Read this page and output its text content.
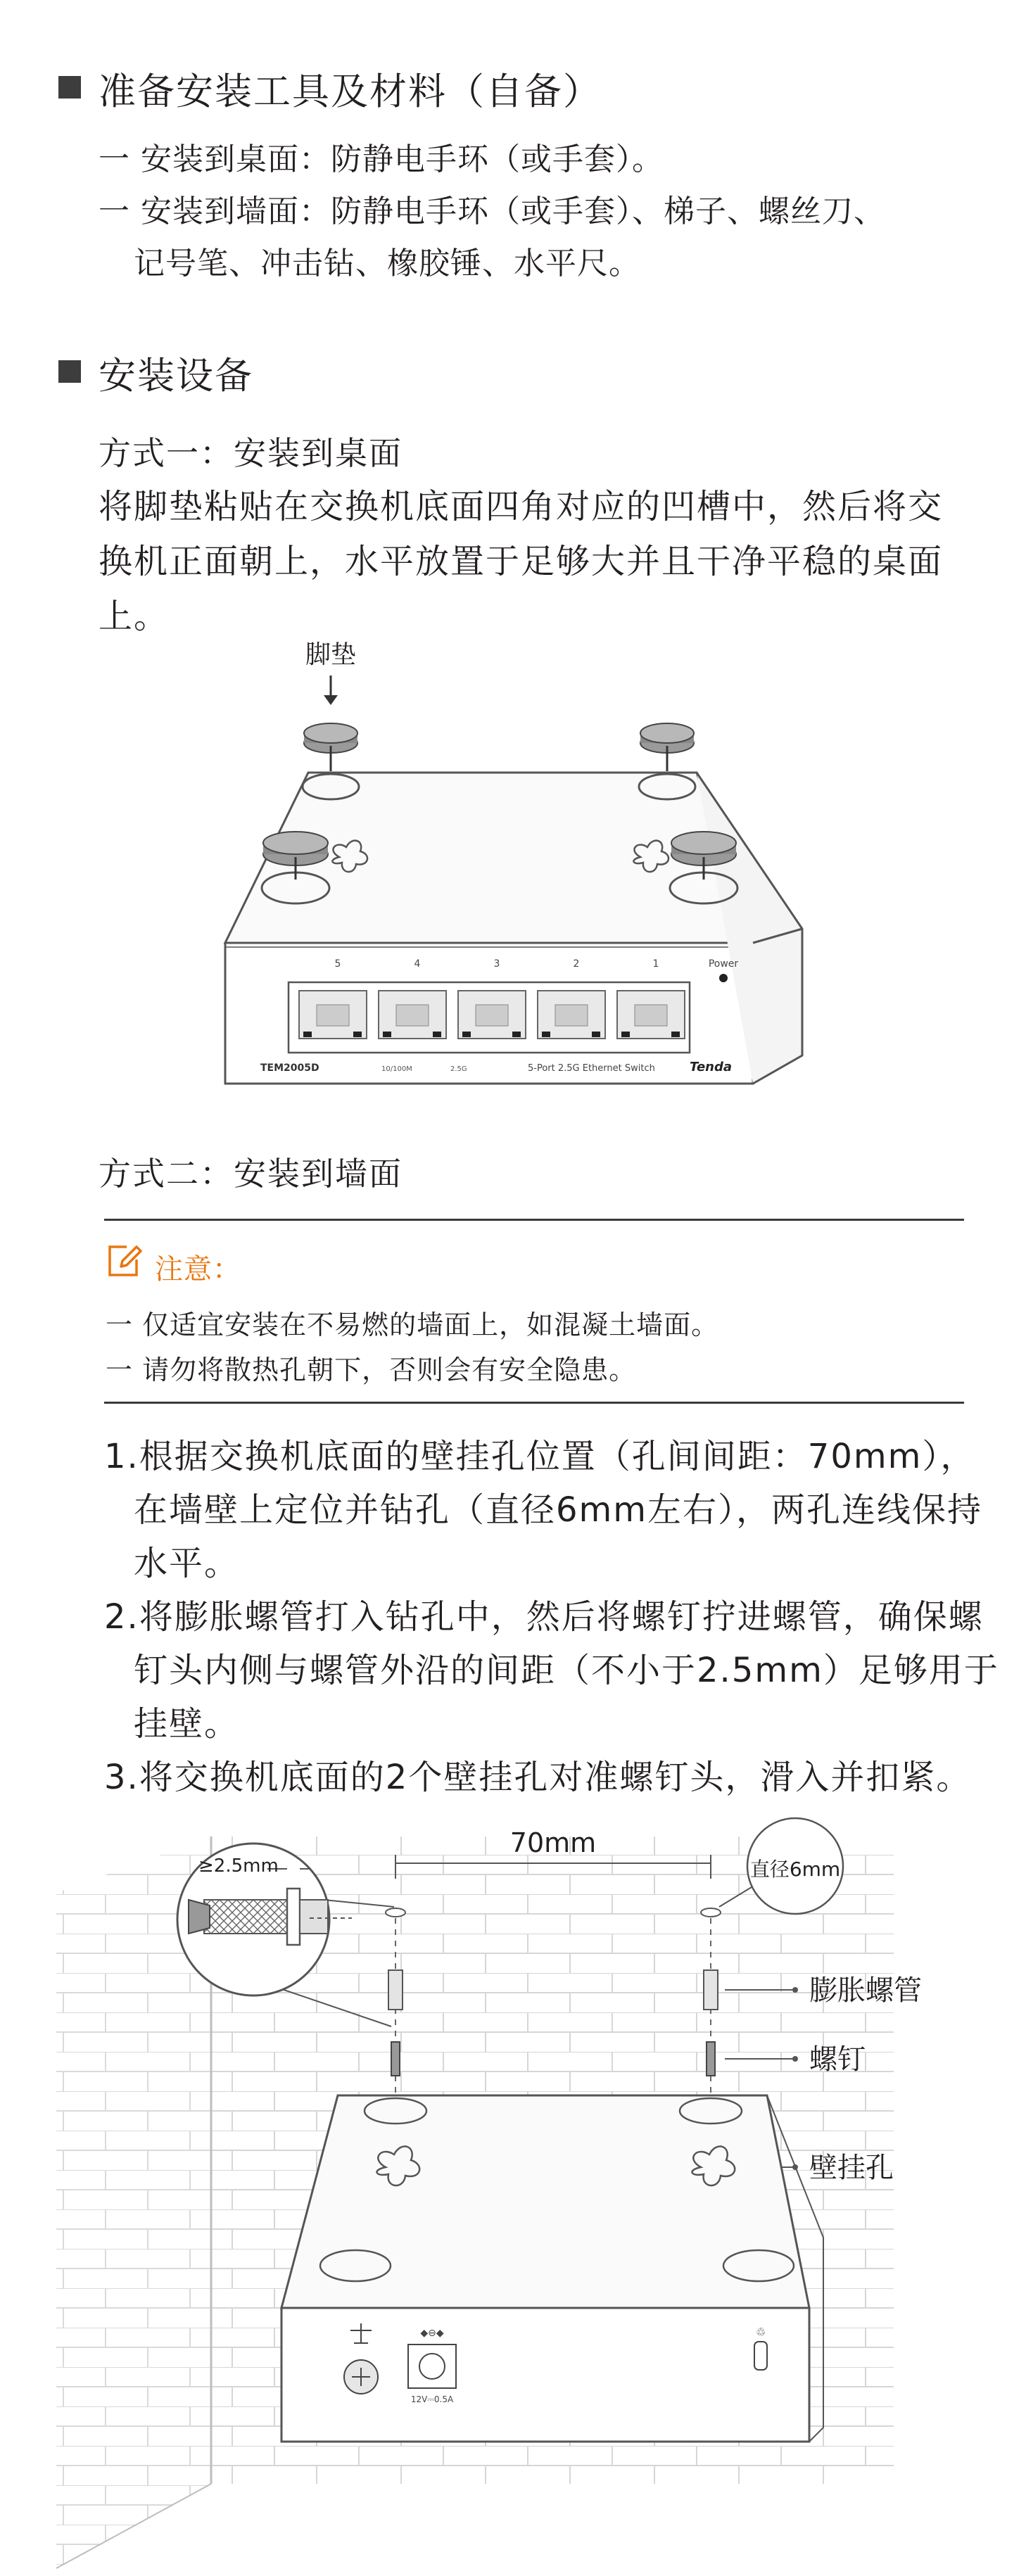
准备安装工具及材料（自备）
一 安装到桌面：防静电手环（或手套）。
一 安装到墙面：防静电手环（或手套）、梯子、螺丝刀、
记号笔、冲击钻、橡胶锤、水平尺。
安装设备
方式一：安装到桌面
将脚垫粘贴在交换机底面四角对应的凹槽中，然后将交
换机正面朝上，水平放置于足够大并且干净平稳的桌面
上。
脚垫
5	4	3	2	1	Power
TEM2005D	10/100M	2.5G	5-Port 2.5G Ethernet Switch	Tenda
方式二：安装到墙面
注意：
一 仅适宜安装在不易燃的墙面上，如混凝土墙面。
一 请勿将散热孔朝下，否则会有安全隐患。
1.根据交换机底面的壁挂孔位置（孔间间距：70mm），
在墙壁上定位并钻孔（直径6mm左右），两孔连线保持
水平。
2.将膨胀螺管打入钻孔中，然后将螺钉拧进螺管，确保螺
钉头内侧与螺管外沿的间距（不小于2.5mm）足够用于
挂壁。
3.将交换机底面的2个壁挂孔对准螺钉头，滑入并扣紧。
70mm
直径6mm
膨胀螺管
螺钉
壁挂孔
◆⊖◆
12V⎓0.5A
♲
≥2.5mm
